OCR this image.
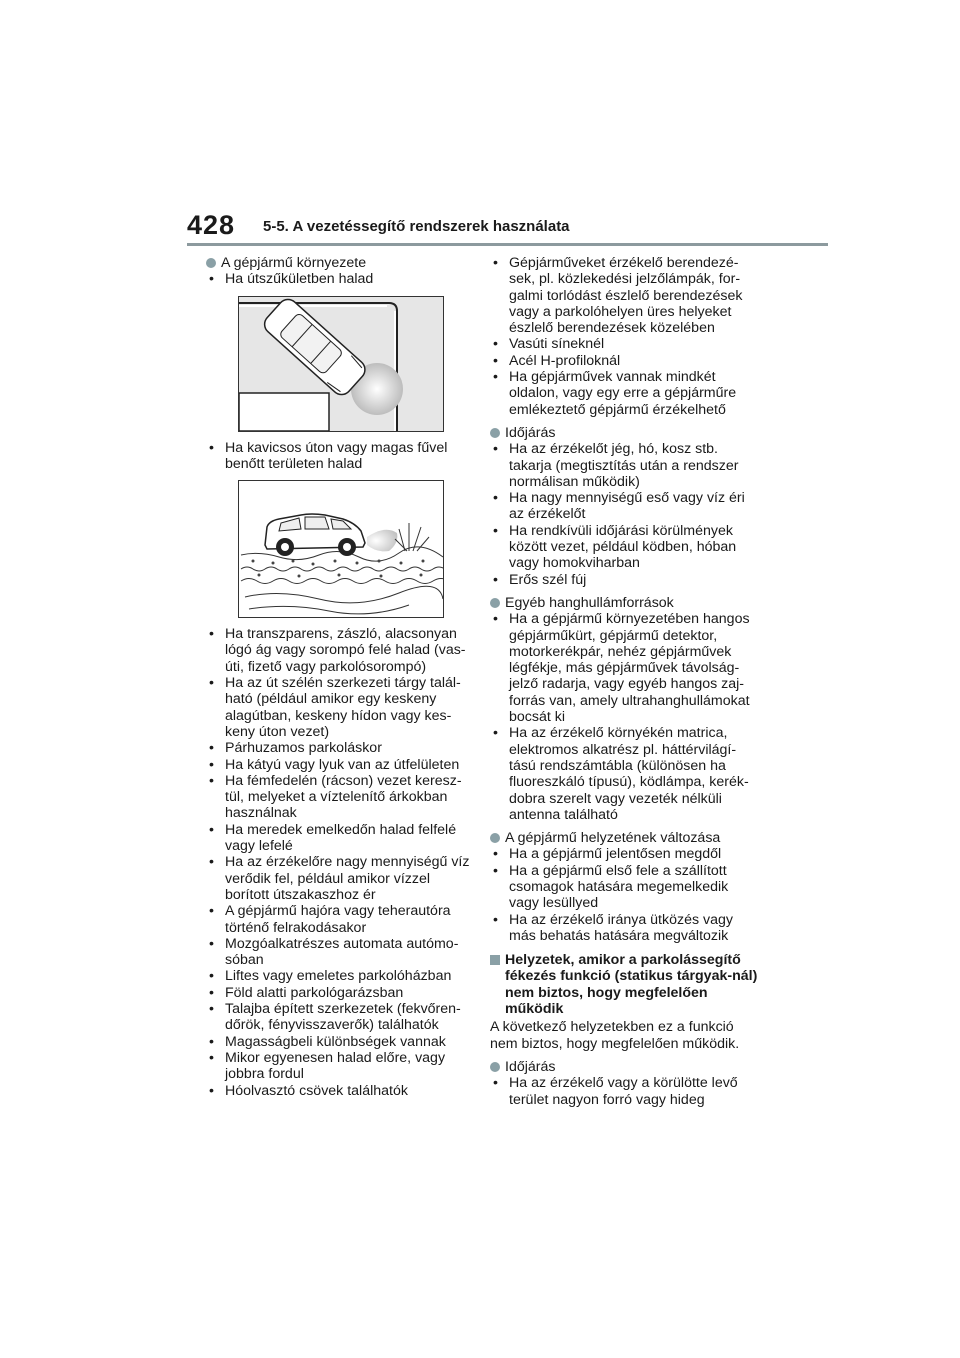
428 5-5. A vezetéssegítő rendszerek használata
A gépjármű környezete
• Ha útszűkületben halad
• Ha kavicsos úton vagy magas fűvel benőtt területen halad
• Ha transzparens, zászló, alacsonyan lógó ág vagy sorompó felé halad (vas-úti, fizető vagy parkolósorompó)
• Ha az út szélén szerkezeti tárgy talál-ható (például amikor egy keskeny alagútban, keskeny hídon vagy kes-keny úton vezet)
• Párhuzamos parkoláskor
• Ha kátyú vagy lyuk van az útfelületen
• Ha fémfedelén (rácson) vezet keresz-tül, melyeket a víztelenítő árkokban használnak
• Ha meredek emelkedőn halad felfelé vagy lefelé
• Ha az érzékelőre nagy mennyiségű víz verődik fel, például amikor vízzel borított útszakaszhoz ér
• A gépjármű hajóra vagy teherautóra történő felrakodásakor
• Mozgóalkatrészes automata autómo-sóban
• Liftes vagy emeletes parkolóházban
• Föld alatti parkológarázsban
• Talajba épített szerkezetek (fekvőren-dőrök, fényvisszaverők) találhatók
• Magasságbeli különbségek vannak
• Mikor egyenesen halad előre, vagy jobbra fordul
• Hóolvasztó csövek találhatók
• Gépjárműveket érzékelő berendezé-sek, pl. közlekedési jelzőlámpák, for-galmi torlódást észlelő berendezések vagy a parkolóhelyen üres helyeket észlelő berendezések közelében
• Vasúti síneknél
• Acél H-profiloknál
• Ha gépjárművek vannak mindkét oldalon, vagy egy erre a gépjárműre emlékeztető gépjármű érzékelhető
Időjárás
• Ha az érzékelőt jég, hó, kosz stb. takarja (megtisztítás után a rendszer normálisan működik)
• Ha nagy mennyiségű eső vagy víz éri az érzékelőt
• Ha rendkívüli időjárási körülmények között vezet, például ködben, hóban vagy homokviharban
• Erős szél fúj
Egyéb hanghullámforrások
• Ha a gépjármű környezetében hangos gépjárműkürt, gépjármű detektor, motorkerékpár, nehéz gépjárművek légfékje, más gépjárművek távolság-jelző radarja, vagy egyéb hangos zaj-forrás van, amely ultrahanghullámokat bocsát ki
• Ha az érzékelő környékén matrica, elektromos alkatrész pl. háttérvilágí-tású rendszámtábla (különösen ha fluoreszkáló típusú), ködlámpa, kerék-dobra szerelt vagy vezeték nélküli antenna található
A gépjármű helyzetének változása
• Ha a gépjármű jelentősen megdől
• Ha a gépjármű első fele a szállított csomagok hatására megemelkedik vagy lesüllyed
• Ha az érzékelő iránya ütközés vagy más behatás hatására megváltozik
Helyzetek, amikor a parkolássegítő fékezés funkció (statikus tárgyak-nál) nem biztos, hogy megfelelően működik
A következő helyzetekben ez a funkció nem biztos, hogy megfelelően működik.
Időjárás
• Ha az érzékelő vagy a körülötte levő terület nagyon forró vagy hideg
